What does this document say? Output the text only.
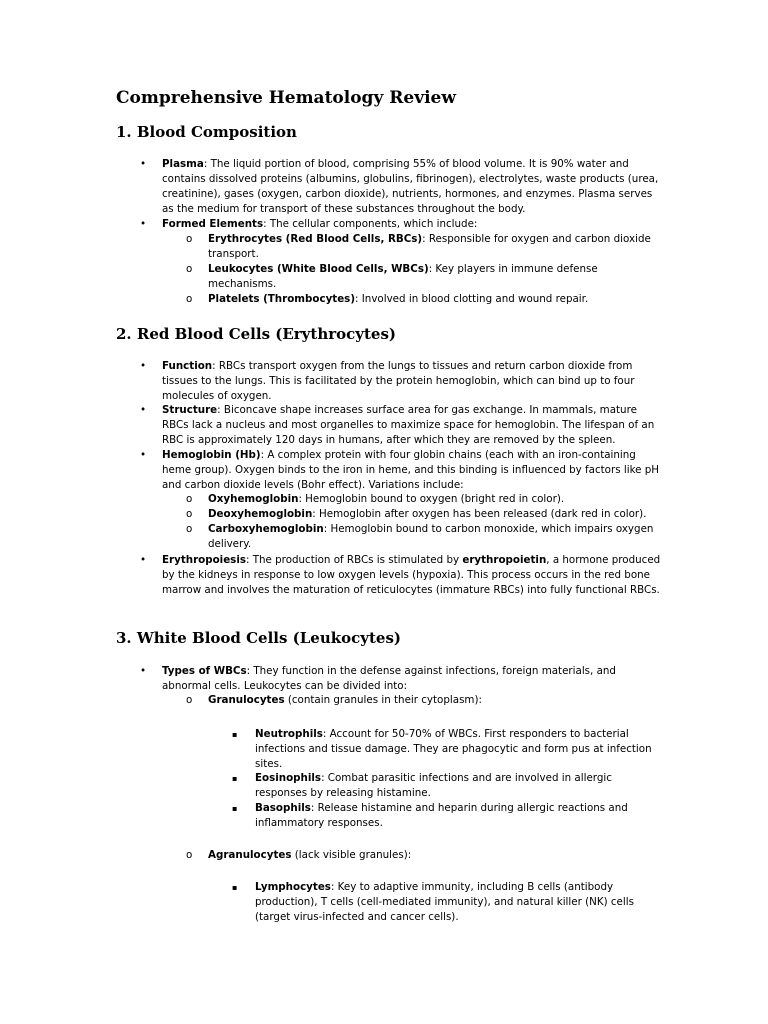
Comprehensive Hematology Review
1. Blood Composition
• Plasma: The liquid portion of blood, comprising 55% of blood volume. It is 90% water and contains dissolved proteins (albumins, globulins, fibrinogen), electrolytes, waste products (urea, creatinine), gases (oxygen, carbon dioxide), nutrients, hormones, and enzymes. Plasma serves as the medium for transport of these substances throughout the body.
• Formed Elements: The cellular components, which include:
o Erythrocytes (Red Blood Cells, RBCs): Responsible for oxygen and carbon dioxide transport.
o Leukocytes (White Blood Cells, WBCs): Key players in immune defense mechanisms.
o Platelets (Thrombocytes): Involved in blood clotting and wound repair.
2. Red Blood Cells (Erythrocytes)
• Function: RBCs transport oxygen from the lungs to tissues and return carbon dioxide from tissues to the lungs. This is facilitated by the protein hemoglobin, which can bind up to four molecules of oxygen.
• Structure: Biconcave shape increases surface area for gas exchange. In mammals, mature RBCs lack a nucleus and most organelles to maximize space for hemoglobin. The lifespan of an RBC is approximately 120 days in humans, after which they are removed by the spleen.
• Hemoglobin (Hb): A complex protein with four globin chains (each with an iron-containing heme group). Oxygen binds to the iron in heme, and this binding is influenced by factors like pH and carbon dioxide levels (Bohr effect). Variations include:
o Oxyhemoglobin: Hemoglobin bound to oxygen (bright red in color).
o Deoxyhemoglobin: Hemoglobin after oxygen has been released (dark red in color).
o Carboxyhemoglobin: Hemoglobin bound to carbon monoxide, which impairs oxygen delivery.
• Erythropoiesis: The production of RBCs is stimulated by erythropoietin, a hormone produced by the kidneys in response to low oxygen levels (hypoxia). This process occurs in the red bone marrow and involves the maturation of reticulocytes (immature RBCs) into fully functional RBCs.
3. White Blood Cells (Leukocytes)
• Types of WBCs: They function in the defense against infections, foreign materials, and abnormal cells. Leukocytes can be divided into:
o Granulocytes (contain granules in their cytoplasm):
▪ Neutrophils: Account for 50-70% of WBCs. First responders to bacterial infections and tissue damage. They are phagocytic and form pus at infection sites.
▪ Eosinophils: Combat parasitic infections and are involved in allergic responses by releasing histamine.
▪ Basophils: Release histamine and heparin during allergic reactions and inflammatory responses.
o Agranulocytes (lack visible granules):
▪ Lymphocytes: Key to adaptive immunity, including B cells (antibody production), T cells (cell-mediated immunity), and natural killer (NK) cells (target virus-infected and cancer cells).
